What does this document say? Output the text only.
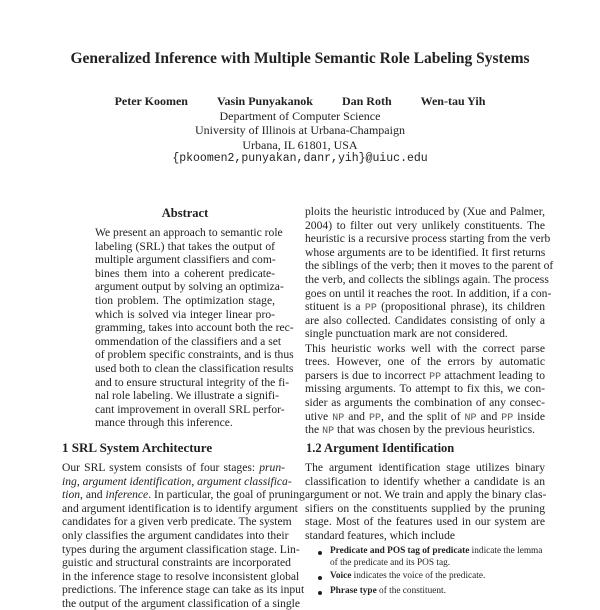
Generalized Inference with Multiple Semantic Role Labeling Systems
Peter Koomen Vasin Punyakanok Dan Roth Wen-tau Yih
Department of Computer Science
University of Illinois at Urbana-Champaign
Urbana, IL 61801, USA
{pkoomen2,punyakan,danr,yih}@uiuc.edu
Abstract
1 SRL System Architecture	1.2 Argument Identification
We present an approach to semantic role
labeling (SRL) that takes the output of
multiple argument classifiers and com-
bines them into a coherent predicate-
argument output by solving an optimiza-
tion problem. The optimization stage,
which is solved via integer linear pro-
gramming, takes into account both the rec-
ommendation of the classifiers and a set
of problem specific constraints, and is thus
used both to clean the classification results
and to ensure structural integrity of the fi-
nal role labeling. We illustrate a signifi-
cant improvement in overall SRL perfor-
mance through this inference.
Our SRL system consists of four stages: prun-
ing, argument identification, argument classifica-
tion, and inference. In particular, the goal of pruning
and argument identification is to identify argument
candidates for a given verb predicate. The system
only classifies the argument candidates into their
types during the argument classification stage. Lin-
guistic and structural constraints are incorporated
in the inference stage to resolve inconsistent global
predictions. The inference stage can take as its input
the output of the argument classification of a single
ploits the heuristic introduced by (Xue and Palmer,
2004) to filter out very unlikely constituents. The
heuristic is a recursive process starting from the verb
whose arguments are to be identified. It first returns
the siblings of the verb; then it moves to the parent of
the verb, and collects the siblings again. The process
goes on until it reaches the root. In addition, if a con-
stituent is a PP (propositional phrase), its children
are also collected. Candidates consisting of only a
single punctuation mark are not considered.
This heuristic works well with the correct parse
trees. However, one of the errors by automatic
parsers is due to incorrect PP attachment leading to
missing arguments. To attempt to fix this, we con-
sider as arguments the combination of any consec-
utive NP and PP, and the split of NP and PP inside
the NP that was chosen by the previous heuristics.
The argument identification stage utilizes binary
classification to identify whether a candidate is an
argument or not. We train and apply the binary clas-
sifiers on the constituents supplied by the pruning
stage. Most of the features used in our system are
standard features, which include
Predicate and POS tag of predicate indicate the lemma
of the predicate and its POS tag.
Voice indicates the voice of the predicate.
Phrase type of the constituent.
